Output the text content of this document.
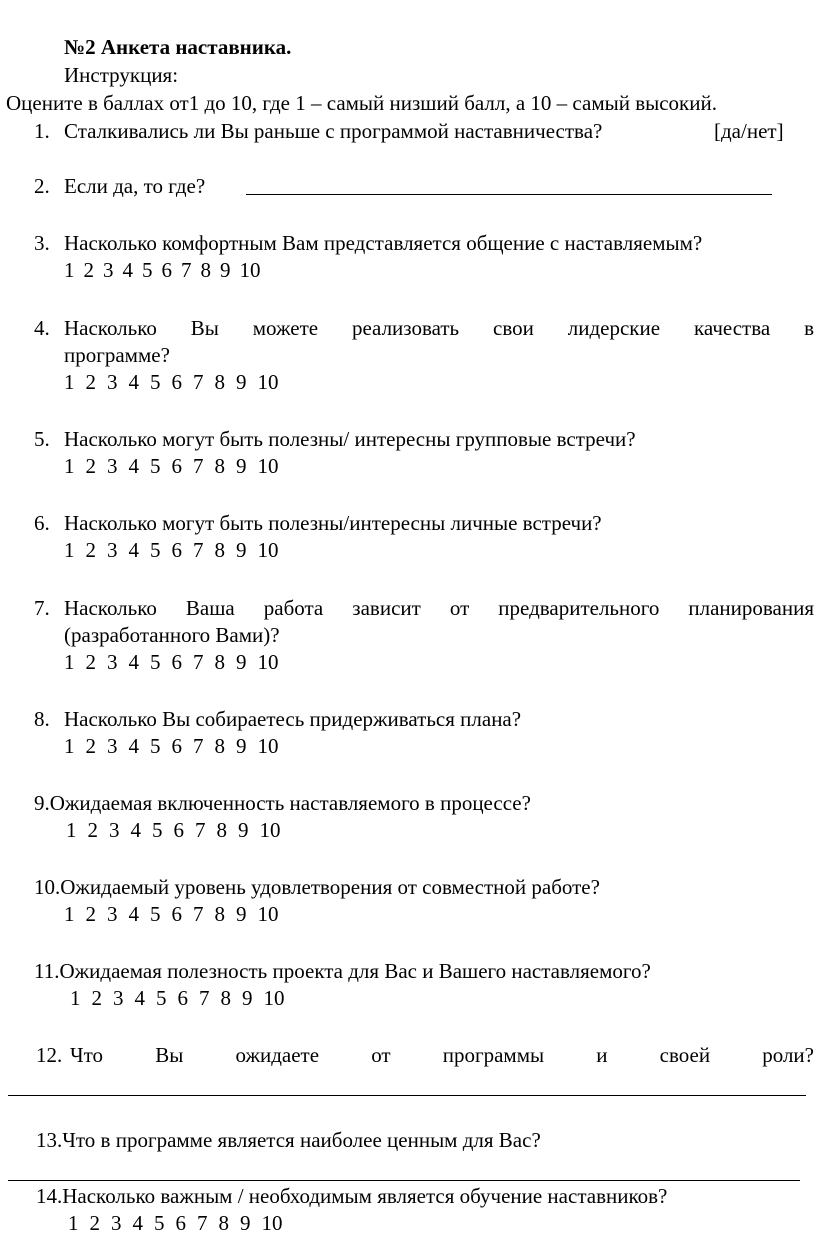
№2 Анкета наставника.
Инструкция:
Оцените в баллах от1 до 10, где 1 – самый низший балл, а 10 – самый высокий.
1. Сталкивались ли Вы раньше с программой наставничества?	[да/нет]
2. Если да, то где?
3. Насколько комфортным Вам представляется общение с наставляемым?
1 2 3 4 5 6 7 8 9 10
4. Насколько Вы можете реализовать свои лидерские качества в
программе?
1 2 3 4 5 6 7 8 9 10
5. Насколько могут быть полезны/ интересны групповые встречи?
1 2 3 4 5 6 7 8 9 10
6. Насколько могут быть полезны/интересны личные встречи?
1 2 3 4 5 6 7 8 9 10
7. Насколько Ваша работа зависит от предварительного планирования
(разработанного Вами)?
1 2 3 4 5 6 7 8 9 10
8. Насколько Вы собираетесь придерживаться плана?
1 2 3 4 5 6 7 8 9 10
9.Ожидаемая включенность наставляемого в процессе?
1 2 3 4 5 6 7 8 9 10
10.Ожидаемый уровень удовлетворения от совместной работе?
1 2 3 4 5 6 7 8 9 10
11.Ожидаемая полезность проекта для Вас и Вашего наставляемого?
1 2 3 4 5 6 7 8 9 10
12. Что Вы ожидаете от программы и своей роли?
13.Что в программе является наиболее ценным для Вас?
14.Насколько важным / необходимым является обучение наставников?
1 2 3 4 5 6 7 8 9 10
